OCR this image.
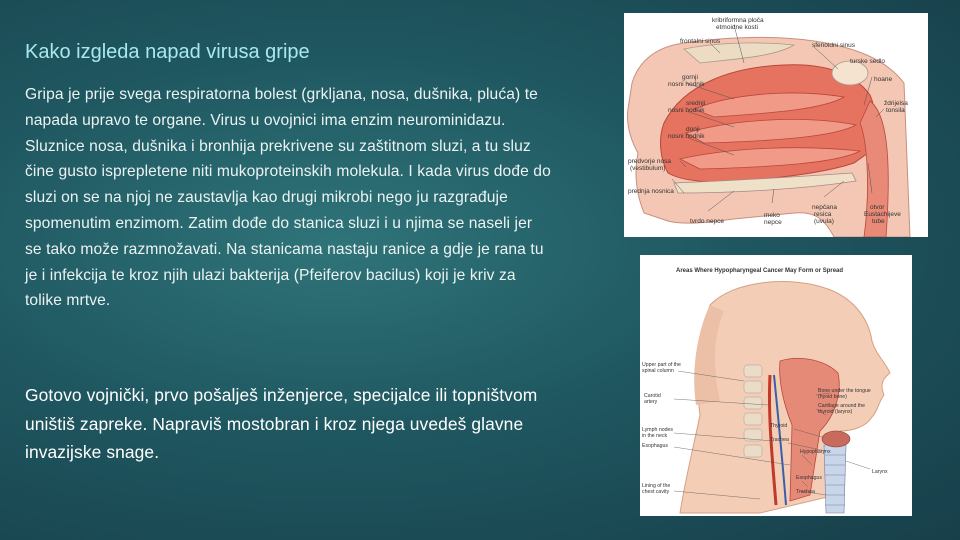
Kako izgleda napad virusa gripe
Gripa je prije svega respiratorna bolest (grkljana, nosa, dušnika, pluća) te napada upravo te organe. Virus u ovojnici ima enzim neurominidazu. Sluznice nosa, dušnika i bronhija prekrivene su zaštitnom sluzi, a tu sluz čine gusto isprepletene niti mukoproteinskih molekula. I kada virus dođe do sluzi on se na njoj ne zaustavlja kao drugi mikrobi nego ju razgrađuje spomenutim enzimom. Zatim dođe do stanica sluzi i u njima se naseli jer se tako može razmnožavati. Na stanicama nastaju ranice a gdje je rana tu je i infekcija te kroz njih ulazi bakterija (Pfeiferov bacilus) koji je kriv za tolike mrtve.
Gotovo vojnički, prvo pošalješ inženjerce, specijalce ili topništvom uništiš zapreke. Napraviš mostobran i kroz njega uvedeš glavne invazijske snage.
kribriformna ploča
etmoidne kosti
frontalni sinus
sfenoidni sinus
turske sedlo
gornji
nosni hodnik
hoane
srednji
nosni hodnik
ždrijelsa
tonsila
donji
nosni hodnik
predvorje nosa
(vestibulum)
prednja nosnica
nepčana
resica
(uvula)
otvor
Eustachijeve
tube
meko
nepce
tvrdo nepce
Areas Where Hypopharyngeal Cancer May Form or Spread
Upper part of the
spinal column
Carotid
artery
Lymph nodes
in the neck
Esophagus
Lining of the
chest cavity
Bone under the tongue
(hyoid bone)
Cartilage around the
thyroid (larynx)
Thyroid
Trachea
Hypopharynx
Larynx
Esophagus
Trachea
